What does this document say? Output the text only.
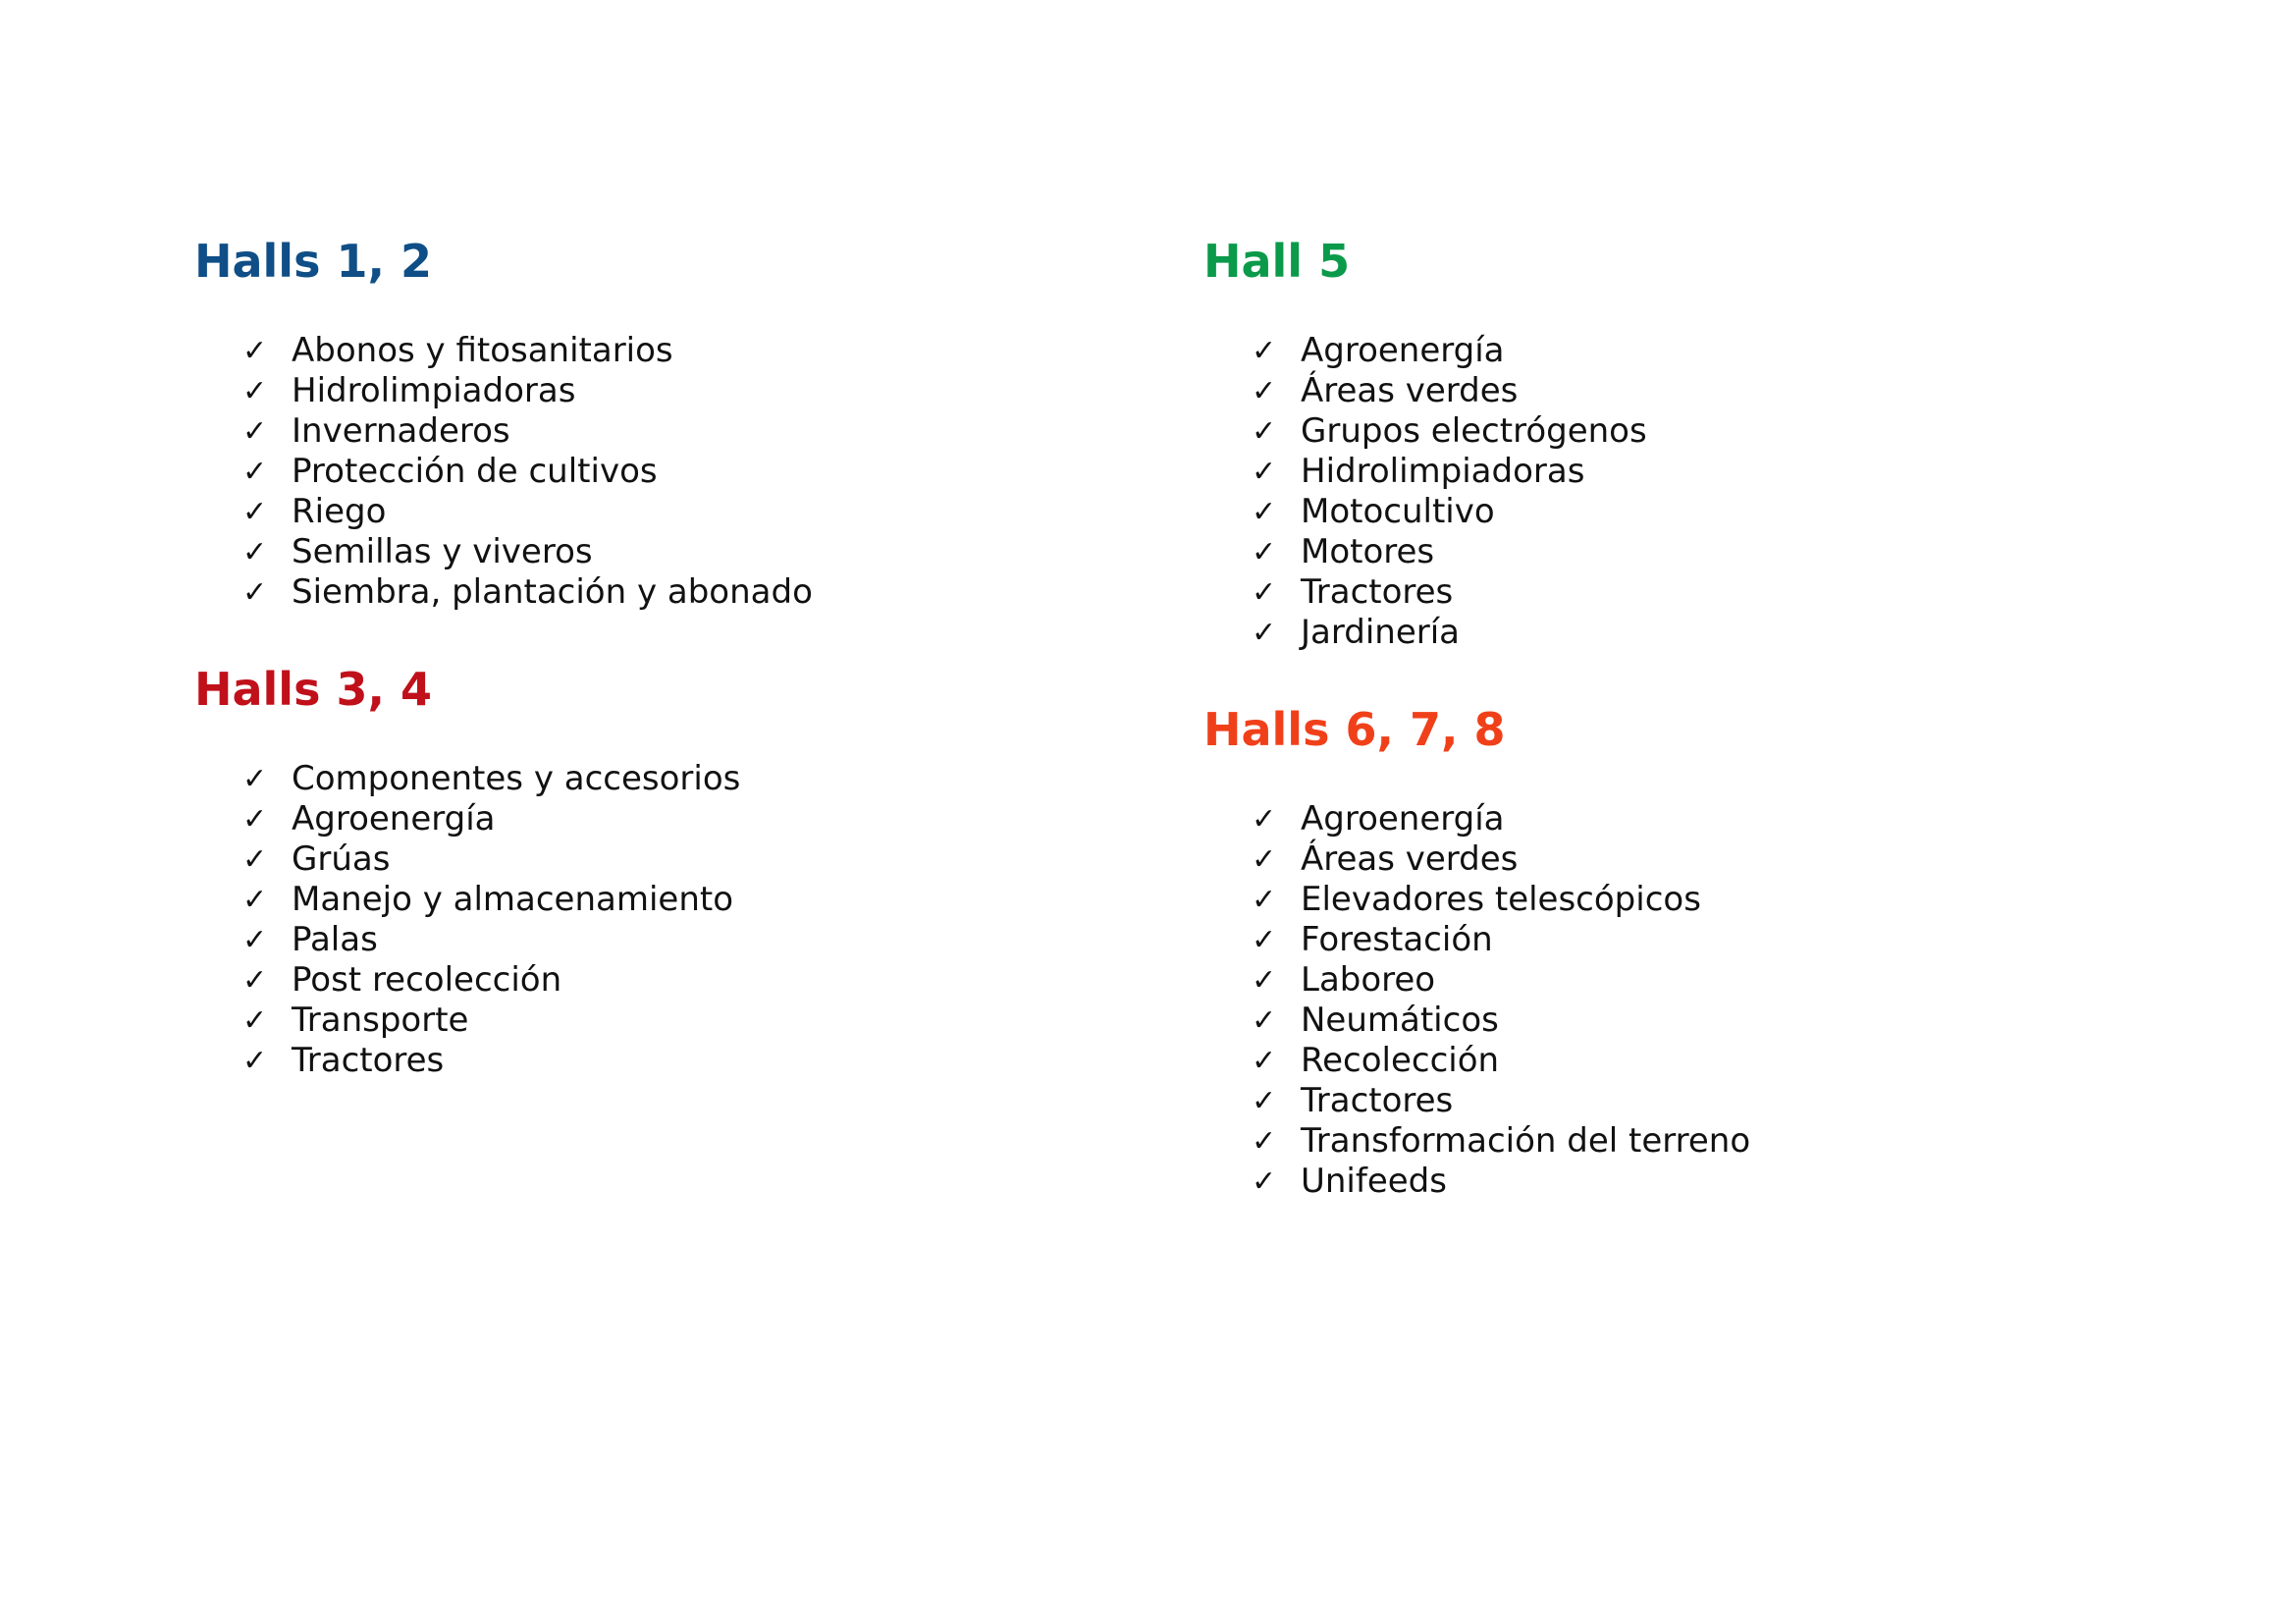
Halls 1, 2
✓ Abonos y fitosanitarios
✓ Hidrolimpiadoras
✓ Invernaderos
✓ Protección de cultivos
✓ Riego
✓ Semillas y viveros
✓ Siembra, plantación y abonado
Halls 3, 4
✓ Componentes y accesorios
✓ Agroenergía
✓ Grúas
✓ Manejo y almacenamiento
✓ Palas
✓ Post recolección
✓ Transporte
✓ Tractores
Hall 5
✓ Agroenergía
✓ Áreas verdes
✓ Grupos electrógenos
✓ Hidrolimpiadoras
✓ Motocultivo
✓ Motores
✓ Tractores
✓ Jardinería
Halls 6, 7, 8
✓ Agroenergía
✓ Áreas verdes
✓ Elevadores telescópicos
✓ Forestación
✓ Laboreo
✓ Neumáticos
✓ Recolección
✓ Tractores
✓ Transformación del terreno
✓ Unifeeds
